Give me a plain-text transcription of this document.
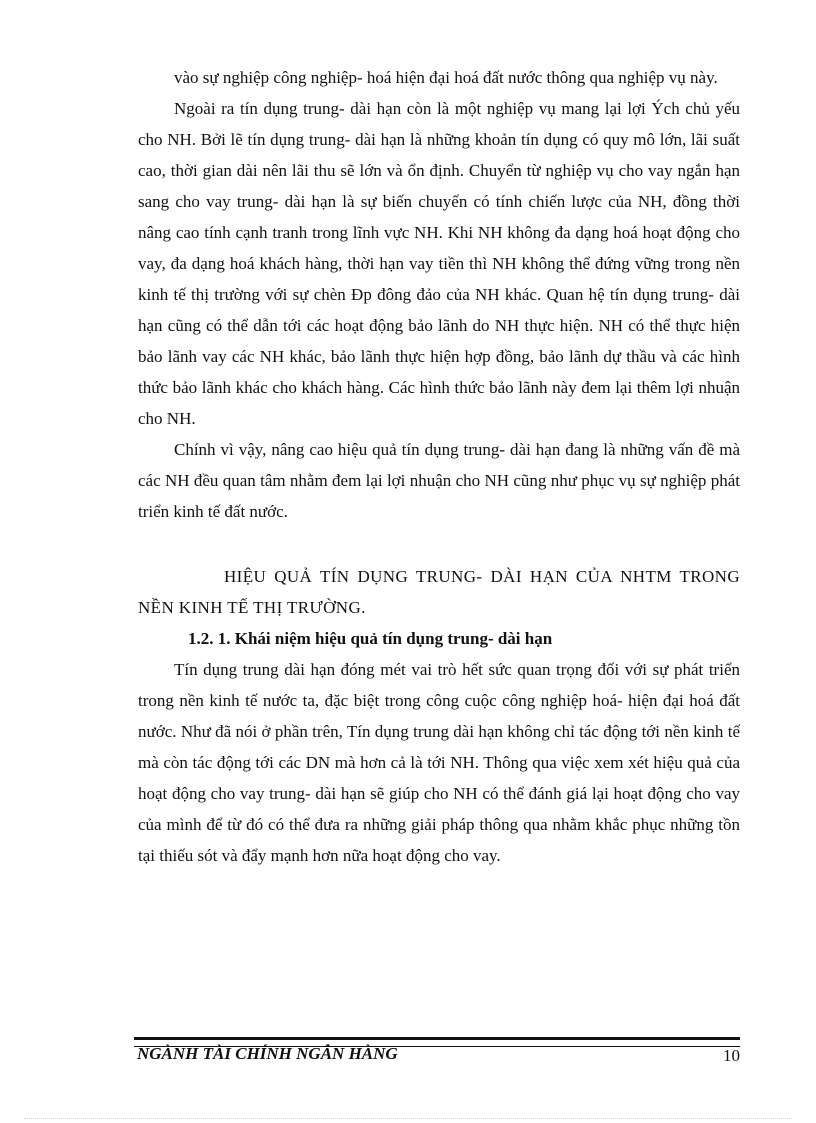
vào sự nghiệp công nghiệp- hoá hiện đại hoá đất nước thông qua nghiệp vụ này.

Ngoài ra tín dụng trung- dài hạn còn là một nghiệp vụ mang lại lợi Ých chủ yếu cho NH. Bởi lẽ tín dụng trung- dài hạn là những khoản tín dụng có quy mô lớn, lãi suất cao, thời gian dài nên lãi thu sẽ lớn và ổn định. Chuyển từ nghiệp vụ cho vay ngắn hạn sang cho vay trung- dài hạn là sự biến chuyển có tính chiến lược của NH, đồng thời nâng cao tính cạnh tranh trong lĩnh vực NH. Khi NH không đa dạng hoá hoạt động cho vay, đa dạng hoá khách hàng, thời hạn vay tiền thì NH không thể đứng vững trong nền kinh tế thị trường với sự chèn Ðp đông đảo của NH khác. Quan hệ tín dụng trung- dài hạn cũng có thể dẫn tới các hoạt động bảo lãnh do NH thực hiện. NH có thể thực hiện bảo lãnh vay các NH khác, bảo lãnh thực hiện hợp đồng, bảo lãnh dự thầu và các hình thức bảo lãnh khác cho khách hàng. Các hình thức bảo lãnh này đem lại thêm lợi nhuận cho NH.

Chính vì vậy, nâng cao hiệu quả tín dụng trung- dài hạn đang là những vấn đề mà các NH đều quan tâm nhằm đem lại lợi nhuận cho NH cũng như phục vụ sự nghiệp phát triển kinh tế đất nước.

HIỆU QUẢ TÍN DỤNG TRUNG- DÀI HẠN CỦA NHTM TRONG NỀN KINH TẾ THỊ TRƯỜNG.

1.2. 1. Khái niệm hiệu quả tín dụng trung- dài hạn

Tín dụng trung dài hạn đóng mét vai trò hết sức quan trọng đối với sự phát triển trong nền kinh tế nước ta, đặc biệt trong công cuộc công nghiệp hoá- hiện đại hoá đất nước. Như đã nói ở phần trên, Tín dụng trung dài hạn không chỉ tác động tới nền kinh tế mà còn tác động tới các DN mà hơn cả là tới NH. Thông qua việc xem xét hiệu quả của hoạt động cho vay trung- dài hạn sẽ giúp cho NH có thể đánh giá lại hoạt động cho vay của mình để từ đó có thể đưa ra những giải pháp thông qua nhằm khắc phục những tồn tại thiếu sót và đẩy mạnh hơn nữa hoạt động cho vay.

NGÀNH TÀI CHÍNH NGÂN HÀNG	10
